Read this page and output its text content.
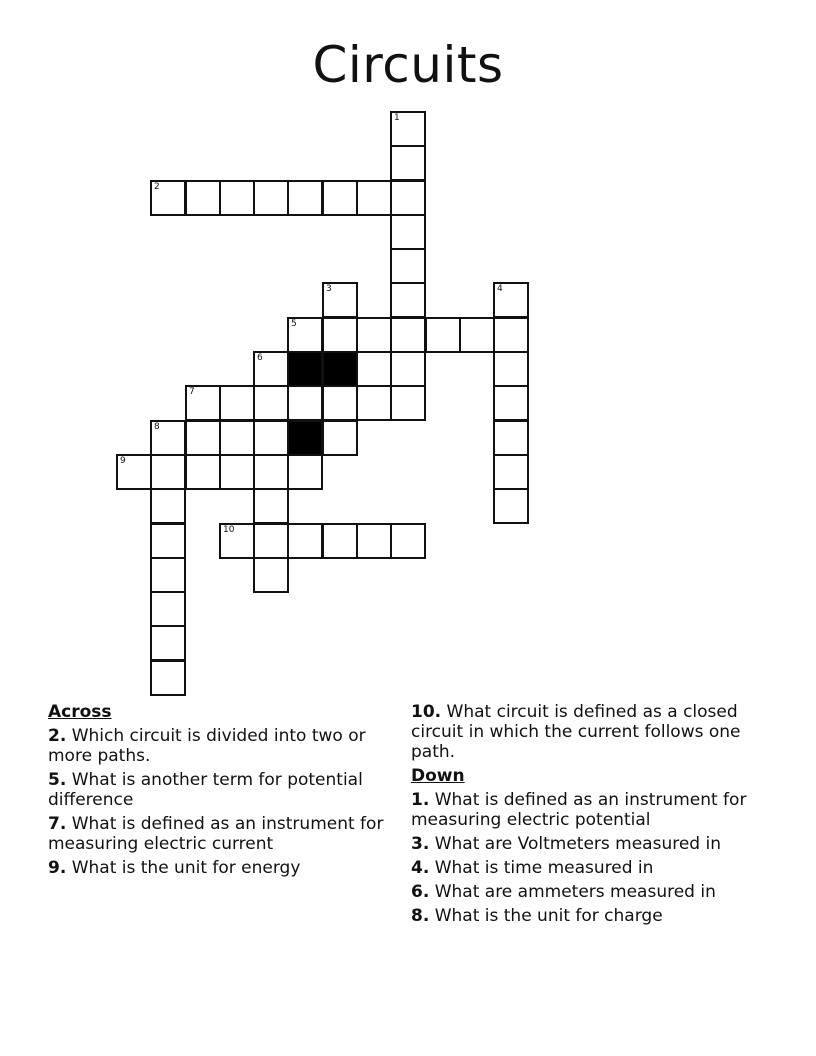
Circuits
1
2
3	4
5
6
7
8
9
10
Across
2. Which circuit is divided into two or more paths.
5. What is another term for potential difference
7. What is defined as an instrument for measuring electric current
9. What is the unit for energy
10. What circuit is defined as a closed circuit in which the current follows one path.
Down
1. What is defined as an instrument for measuring electric potential
3. What are Voltmeters measured in
4. What is time measured in
6. What are ammeters measured in
8. What is the unit for charge
